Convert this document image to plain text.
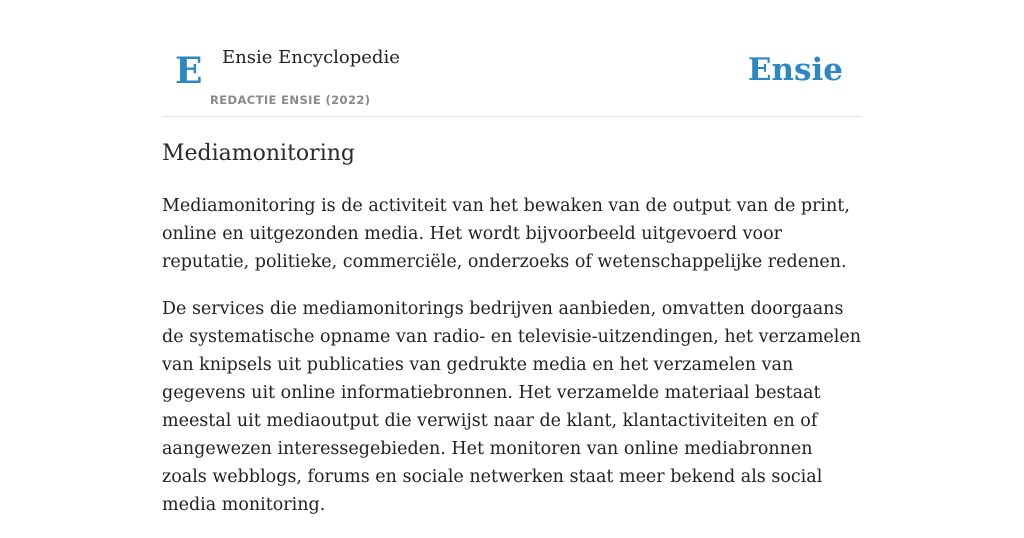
E Ensie Encyclopedie
REDACTIE ENSIE (2022)
Ensie
Mediamonitoring

Mediamonitoring is de activiteit van het bewaken van de output van de print, online en uitgezonden media. Het wordt bijvoorbeeld uitgevoerd voor reputatie, politieke, commerciële, onderzoeks of wetenschappelijke redenen.

De services die mediamonitorings bedrijven aanbieden, omvatten doorgaans de systematische opname van radio- en televisie-uitzendingen, het verzamelen van knipsels uit publicaties van gedrukte media en het verzamelen van gegevens uit online informatiebronnen. Het verzamelde materiaal bestaat meestal uit mediaoutput die verwijst naar de klant, klantactiviteiten en of aangewezen interessegebieden. Het monitoren van online mediabronnen zoals webblogs, forums en sociale netwerken staat meer bekend als social media monitoring.
